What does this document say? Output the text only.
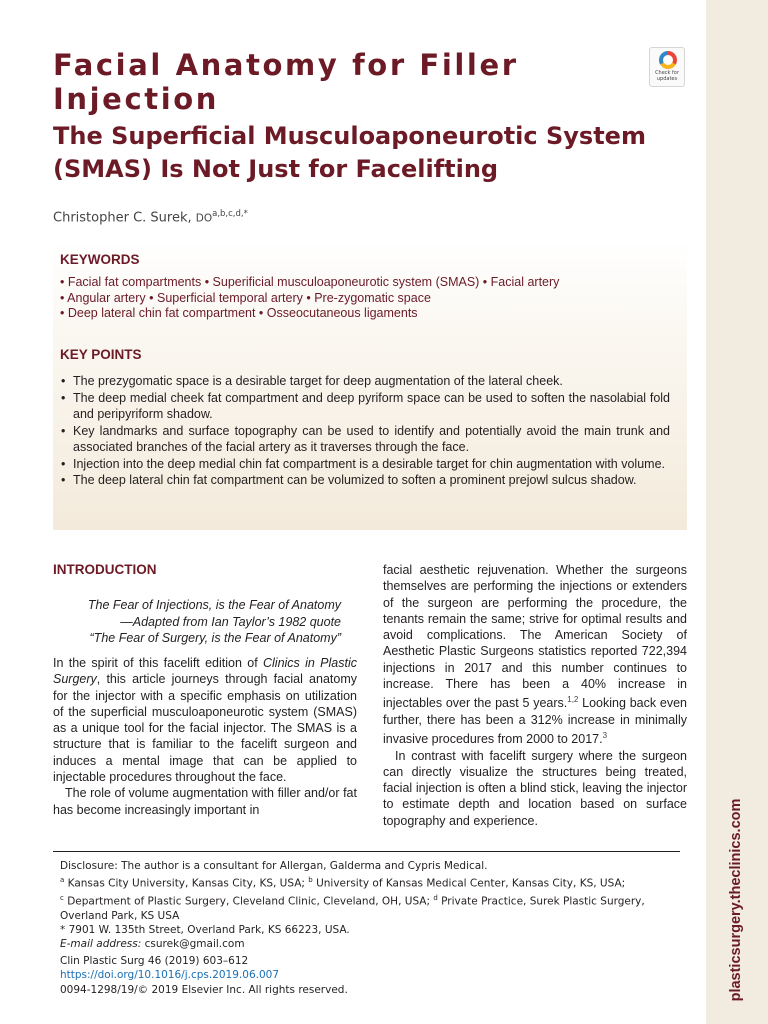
plasticsurgery.theclinics.com
Facial Anatomy for Filler Injection
The Superficial Musculoaponeurotic System (SMAS) Is Not Just for Facelifting
Check for
updates
Christopher C. Surek, $DO^{a,b,c,d,*}$
KEYWORDS
• Facial fat compartments • Superificial musculoaponeurotic system (SMAS) • Facial artery
• Angular artery • Superficial temporal artery • Pre-zygomatic space
• Deep lateral chin fat compartment • Osseocutaneous ligaments
KEY POINTS
• The prezygomatic space is a desirable target for deep augmentation of the lateral cheek.
• The deep medial cheek fat compartment and deep pyriform space can be used to soften the nasolabial fold and peripyriform shadow.
• Key landmarks and surface topography can be used to identify and potentially avoid the main trunk and associated branches of the facial artery as it traverses through the face.
• Injection into the deep medial chin fat compartment is a desirable target for chin augmentation with volume.
• The deep lateral chin fat compartment can be volumized to soften a prominent prejowl sulcus shadow.
INTRODUCTION
The Fear of Injections, is the Fear of Anatomy
—Adapted from Ian Taylor’s 1982 quote
“The Fear of Surgery, is the Fear of Anatomy”

In the spirit of this facelift edition of Clinics in Plastic Surgery, this article journeys through facial anatomy for the injector with a specific emphasis on utilization of the superficial musculoaponeurotic system (SMAS) as a unique tool for the facial injector. The SMAS is a structure that is familiar to the facelift surgeon and induces a mental image that can be applied to injectable procedures throughout the face.

The role of volume augmentation with filler and/or fat has become increasingly important in

facial aesthetic rejuvenation. Whether the surgeons themselves are performing the injections or extenders of the surgeon are performing the procedure, the tenants remain the same; strive for optimal results and avoid complications. The American Society of Aesthetic Plastic Surgeons statistics reported 722,394 injections in 2017 and this number continues to increase. There has been a 40% increase in injectables over the past 5 years.$^{1,2}$ Looking back even further, there has been a 312% increase in minimally invasive procedures from 2000 to 2017.$^3$

In contrast with facelift surgery where the surgeon can directly visualize the structures being treated, facial injection is often a blind stick, leaving the injector to estimate depth and location based on surface topography and experience.

Disclosure: The author is a consultant for Allergan, Galderma and Cypris Medical.
$^a$ Kansas City University, Kansas City, KS, USA; $^b$ University of Kansas Medical Center, Kansas City, KS, USA;
$^c$ Department of Plastic Surgery, Cleveland Clinic, Cleveland, OH, USA; $^d$ Private Practice, Surek Plastic Surgery, Overland Park, KS USA
* 7901 W. 135th Street, Overland Park, KS 66223, USA.
E-mail address: csurek@gmail.com
Clin Plastic Surg 46 (2019) 603–612
https://doi.org/10.1016/j.cps.2019.06.007
0094-1298/19/© 2019 Elsevier Inc. All rights reserved.
